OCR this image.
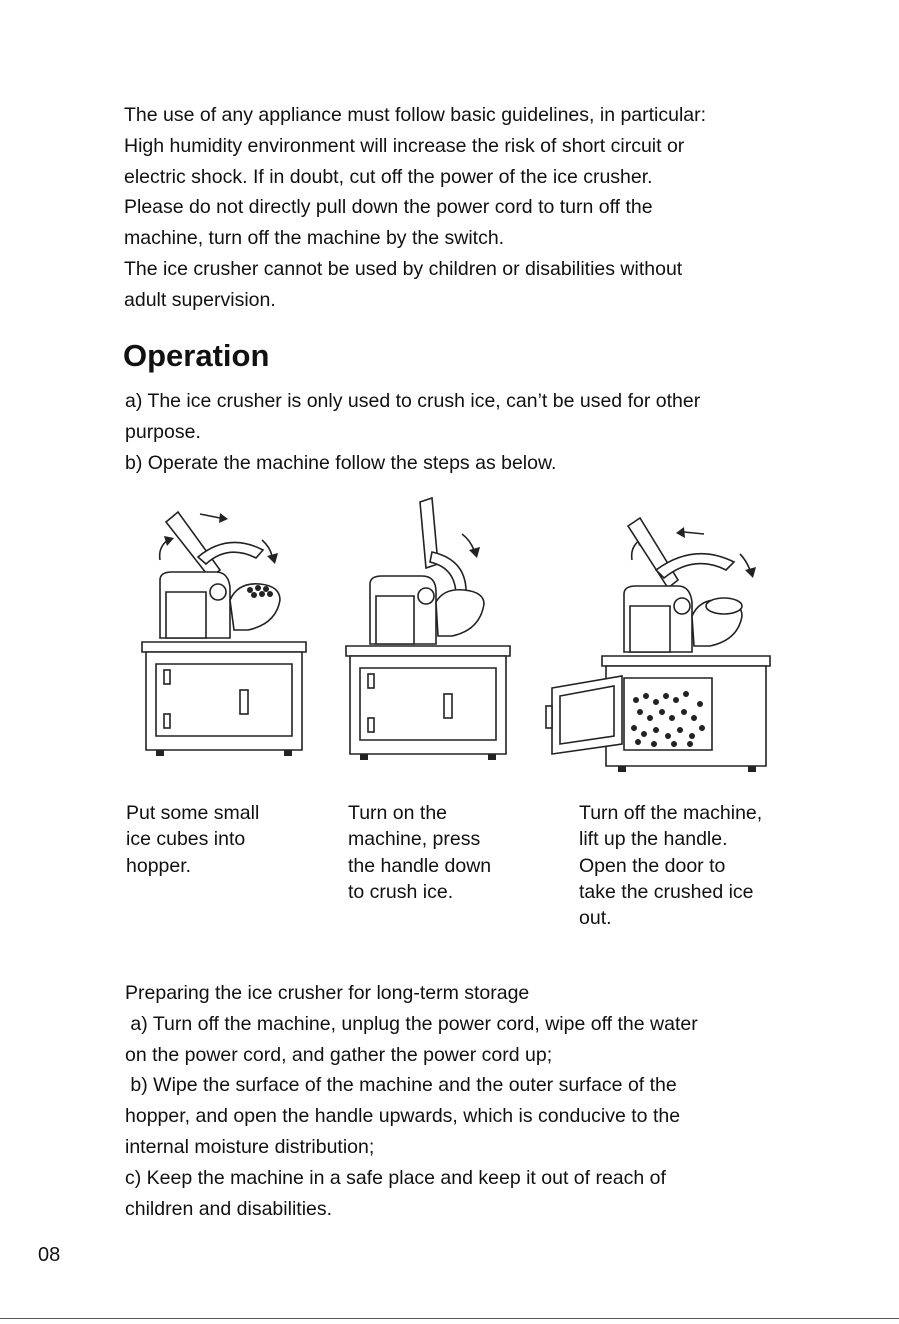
The use of any appliance must follow basic guidelines, in particular:

High humidity environment will increase the risk of short circuit or

electric shock. If in doubt, cut off the power of the ice crusher.

Please do not directly pull down the power cord to turn off the

machine, turn off the machine by the switch.

The ice crusher cannot be used by children or disabilities without

adult supervision.

Operation

a) The ice crusher is only used to crush ice, can’t be used for other

purpose.

b) Operate the machine follow the steps as below.

Put some small

ice cubes into

hopper.

Turn on the

machine, press

the handle down

to crush ice.

Turn off the machine,

lift up the handle.

Open the door to

take the crushed ice

out.

Preparing the ice crusher for long-term storage

a) Turn off the machine, unplug the power cord, wipe off the water

on the power cord, and gather the power cord up;

b) Wipe the surface of the machine and the outer surface of the

hopper, and open the handle upwards, which is conducive to the

internal moisture distribution;

c) Keep the machine in a safe place and keep it out of reach of

children and disabilities.

08
